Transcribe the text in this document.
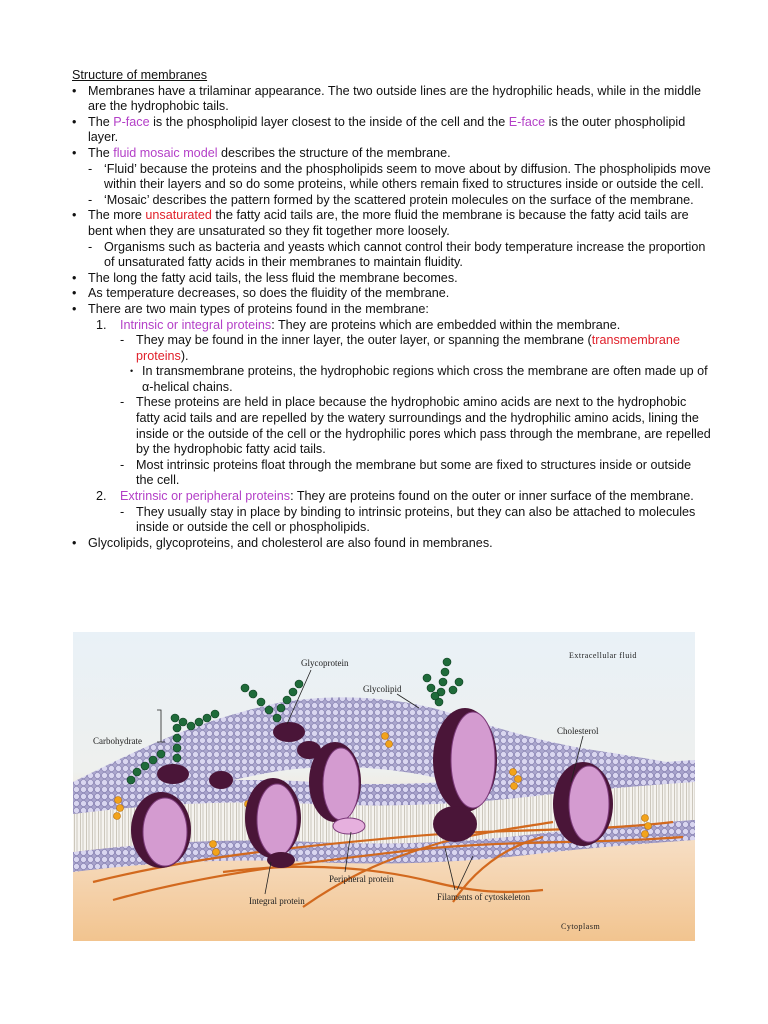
Structure of membranes
• Membranes have a trilaminar appearance. The two outside lines are the hydrophilic heads, while in the middle are the hydrophobic tails.
• The P-face is the phospholipid layer closest to the inside of the cell and the E-face is the outer phospholipid layer.
• The fluid mosaic model describes the structure of the membrane.
- ‘Fluid’ because the proteins and the phospholipids seem to move about by diffusion. The phospholipids move within their layers and so do some proteins, while others remain fixed to structures inside or outside the cell.
- ‘Mosaic’ describes the pattern formed by the scattered protein molecules on the surface of the membrane.
• The more unsaturated the fatty acid tails are, the more fluid the membrane is because the fatty acid tails are bent when they are unsaturated so they fit together more loosely.
- Organisms such as bacteria and yeasts which cannot control their body temperature increase the proportion of unsaturated fatty acids in their membranes to maintain fluidity.
• The long the fatty acid tails, the less fluid the membrane becomes.
• As temperature decreases, so does the fluidity of the membrane.
• There are two main types of proteins found in the membrane:
1.	Intrinsic or integral proteins: They are proteins which are embedded within the membrane.
- They may be found in the inner layer, the outer layer, or spanning the membrane (transmembrane proteins).
• In transmembrane proteins, the hydrophobic regions which cross the membrane are often made up of α-helical chains.
- These proteins are held in place because the hydrophobic amino acids are next to the hydrophobic fatty acid tails and are repelled by the watery surroundings and the hydrophilic amino acids, lining the inside or the outside of the cell or the hydrophilic pores which pass through the membrane, are repelled by the hydrophobic fatty acid tails.
- Most intrinsic proteins float through the membrane but some are fixed to structures inside or outside the cell.
2.	Extrinsic or peripheral proteins: They are proteins found on the outer or inner surface of the membrane.
- They usually stay in place by binding to intrinsic proteins, but they can also be attached to molecules inside or outside the cell or phospholipids.
• Glycolipids, glycoproteins, and cholesterol are also found in membranes.
Glycoprotein
Glycolipid
Cholesterol
Carbohydrate
Extracellular fluid
Peripheral protein
Integral protein	Filaments of cytoskeleton
Cytoplasm
